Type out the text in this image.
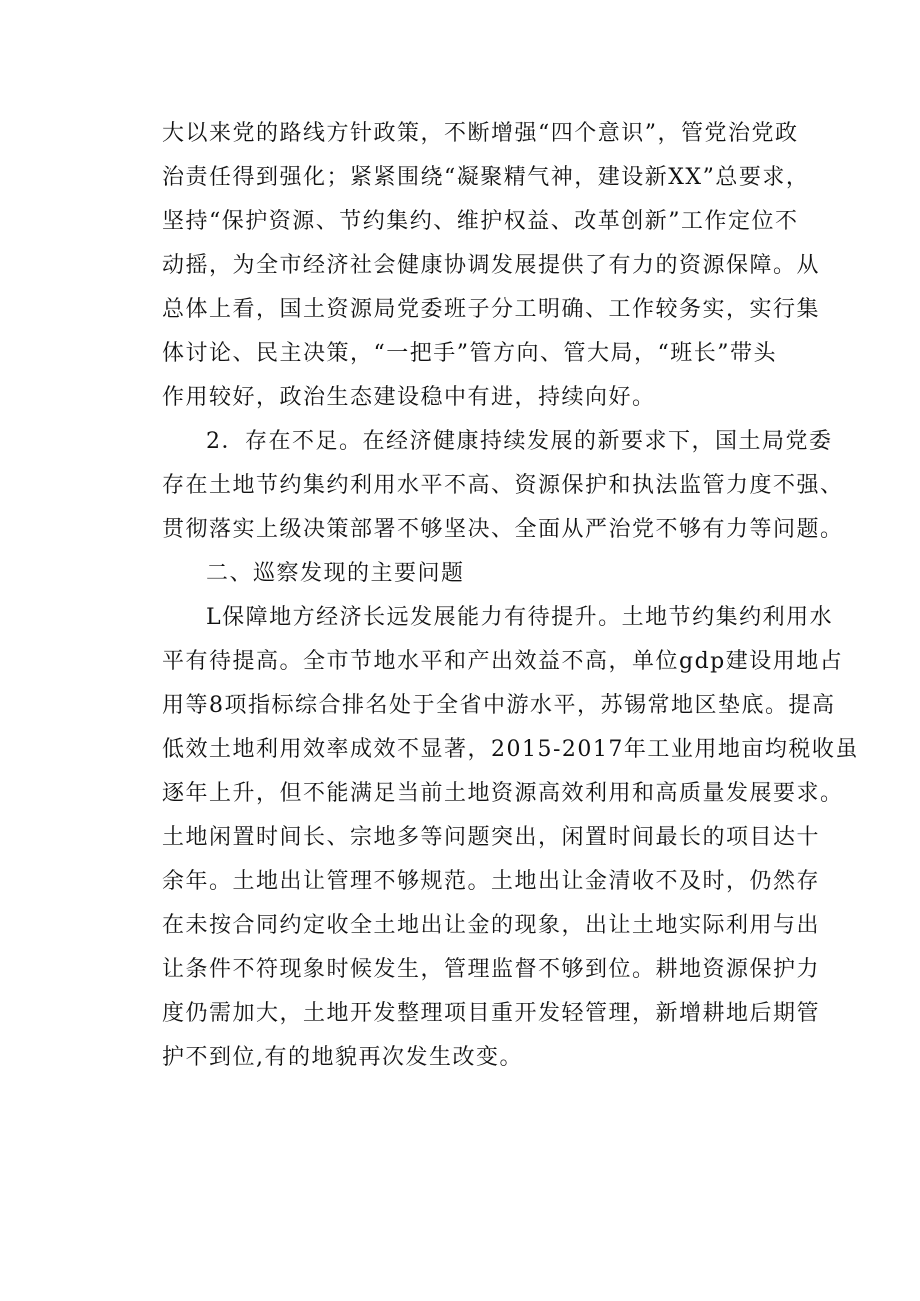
大以来党的路线方针政策，不断增强“四个意识”，管党治党政
治责任得到强化；紧紧围绕“凝聚精气神，建设新XX”总要求，
坚持“保护资源、节约集约、维护权益、改革创新”工作定位不
动摇，为全市经济社会健康协调发展提供了有力的资源保障。从
总体上看，国土资源局党委班子分工明确、工作较务实，实行集
体讨论、民主决策，“一把手”管方向、管大局，“班长”带头
作用较好，政治生态建设稳中有进，持续向好。
2．存在不足。在经济健康持续发展的新要求下，国土局党委
存在土地节约集约利用水平不高、资源保护和执法监管力度不强、
贯彻落实上级决策部署不够坚决、全面从严治党不够有力等问题。
二、巡察发现的主要问题
L保障地方经济长远发展能力有待提升。土地节约集约利用水
平有待提高。全市节地水平和产出效益不高，单位gdp建设用地占
用等8项指标综合排名处于全省中游水平，苏锡常地区垫底。提高
低效土地利用效率成效不显著，2015-2017年工业用地亩均税收虽
逐年上升，但不能满足当前土地资源高效利用和高质量发展要求。
土地闲置时间长、宗地多等问题突出，闲置时间最长的项目达十
余年。土地出让管理不够规范。土地出让金清收不及时，仍然存
在未按合同约定收全土地出让金的现象，出让土地实际利用与出
让条件不符现象时候发生，管理监督不够到位。耕地资源保护力
度仍需加大，土地开发整理项目重开发轻管理，新增耕地后期管
护不到位,有的地貌再次发生改变。
